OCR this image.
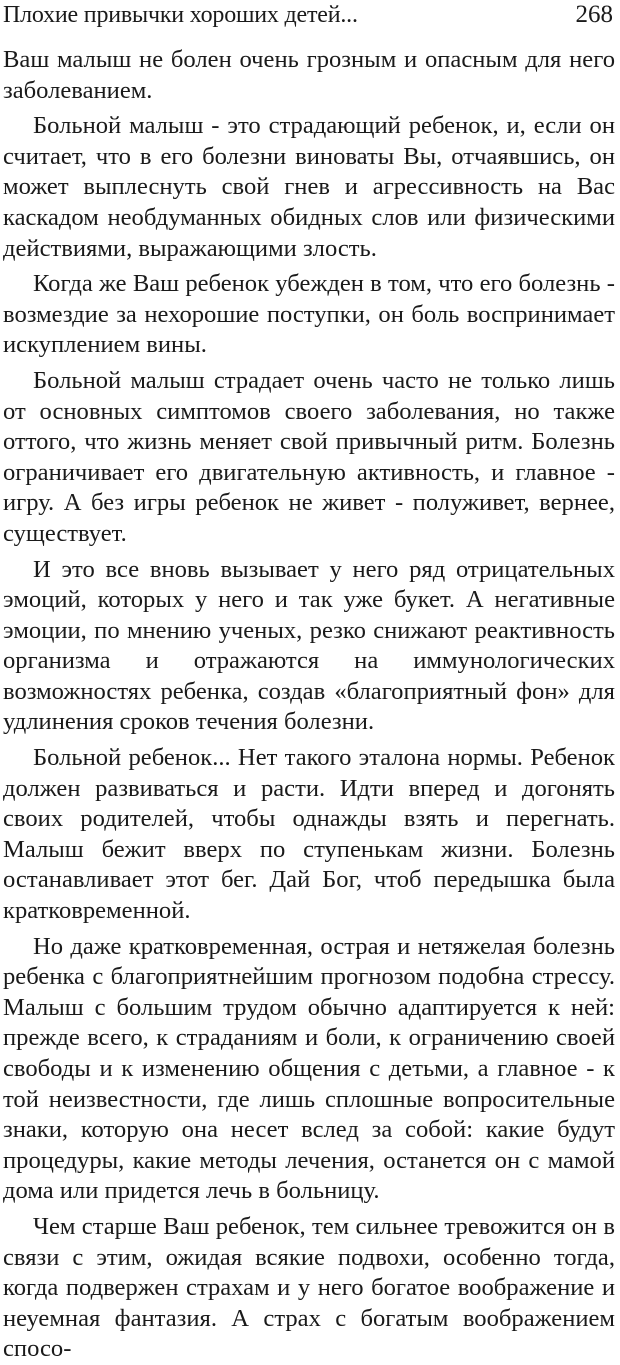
Плохие привычки хороших детей...	268

Ваш малыш не болен очень грозным и опасным для него заболеванием.

Больной малыш - это страдающий ребенок, и, если он считает, что в его болезни виноваты Вы, отчаявшись, он может выплеснуть свой гнев и агрессивность на Вас каскадом необдуманных обидных слов или физическими действиями, выражающими злость.

Когда же Ваш ребенок убежден в том, что его болезнь - возмездие за нехорошие поступки, он боль воспринимает искуплением вины.

Больной малыш страдает очень часто не только лишь от основных симптомов своего заболевания, но также оттого, что жизнь меняет свой привычный ритм. Болезнь ограничивает его двигательную активность, и главное - игру. А без игры ребенок не живет - полуживет, вернее, существует.

И это все вновь вызывает у него ряд отрицательных эмоций, которых у него и так уже букет. А негативные эмоции, по мнению ученых, резко снижают реактивность организма и отражаются на иммунологических возможностях ребенка, создав «благоприятный фон» для удлинения сроков течения болезни.

Больной ребенок... Нет такого эталона нормы. Ребенок должен развиваться и расти. Идти вперед и догонять своих родителей, чтобы однажды взять и перегнать. Малыш бежит вверх по ступенькам жизни. Болезнь останавливает этот бег. Дай Бог, чтоб передышка была кратковременной.

Но даже кратковременная, острая и нетяжелая болезнь ребенка с благоприятнейшим прогнозом подобна стрессу. Малыш с большим трудом обычно адаптируется к ней: прежде всего, к страданиям и боли, к ограничению своей свободы и к изменению общения с детьми, а главное - к той неизвестности, где лишь сплошные вопросительные знаки, которую она несет вслед за собой: какие будут процедуры, какие методы лечения, останется он с мамой дома или придется лечь в больницу.

Чем старше Ваш ребенок, тем сильнее тревожится он в связи с этим, ожидая всякие подвохи, особенно тогда, когда подвержен страхам и у него богатое воображение и неуемная фантазия. А страх с богатым воображением спосо-
